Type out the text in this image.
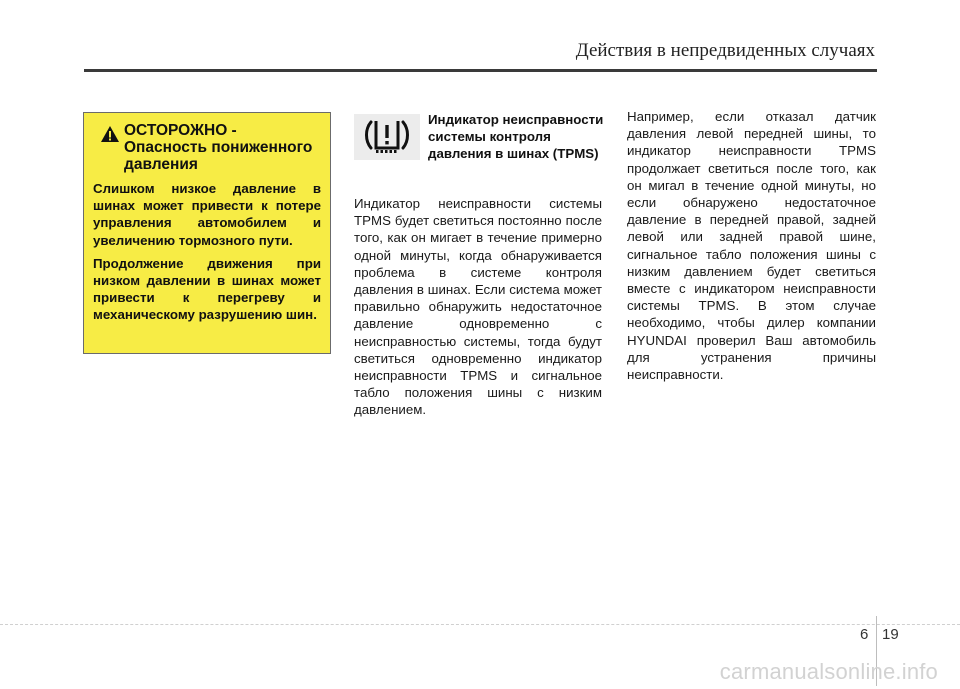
Действия в непредвиденных случаях
ОСТОРОЖНО - Опасность пониженного давления

Слишком низкое давление в шинах может привести к потере управления автомобилем и увеличению тормозного пути.

Продолжение движения при низком давлении в шинах может привести к перегреву и механическому разрушению шин.

Индикатор неисправности системы контроля давления в шинах (TPMS)

Индикатор неисправности системы TPMS будет светиться постоянно после того, как он мигает в течение примерно одной минуты, когда обнаруживается проблема в системе контроля давления в шинах. Если система может правильно обнаружить недостаточное давление одновременно с неисправностью системы, тогда будут светиться одновременно индикатор неисправности TPMS и сигнальное табло положения шины с низким давлением.

Например, если отказал датчик давления левой передней шины, то индикатор неисправности TPMS продолжает светиться после того, как он мигал в течение одной минуты, но если обнаружено недостаточное давление в передней правой, задней левой или задней правой шине, сигнальное табло положения шины с низким давлением будет светиться вместе с индикатором неисправности системы TPMS. В этом случае необходимо, чтобы дилер компании HYUNDAI проверил Ваш автомобиль для устранения причины неисправности.

6 19
carmanualsonline.info
